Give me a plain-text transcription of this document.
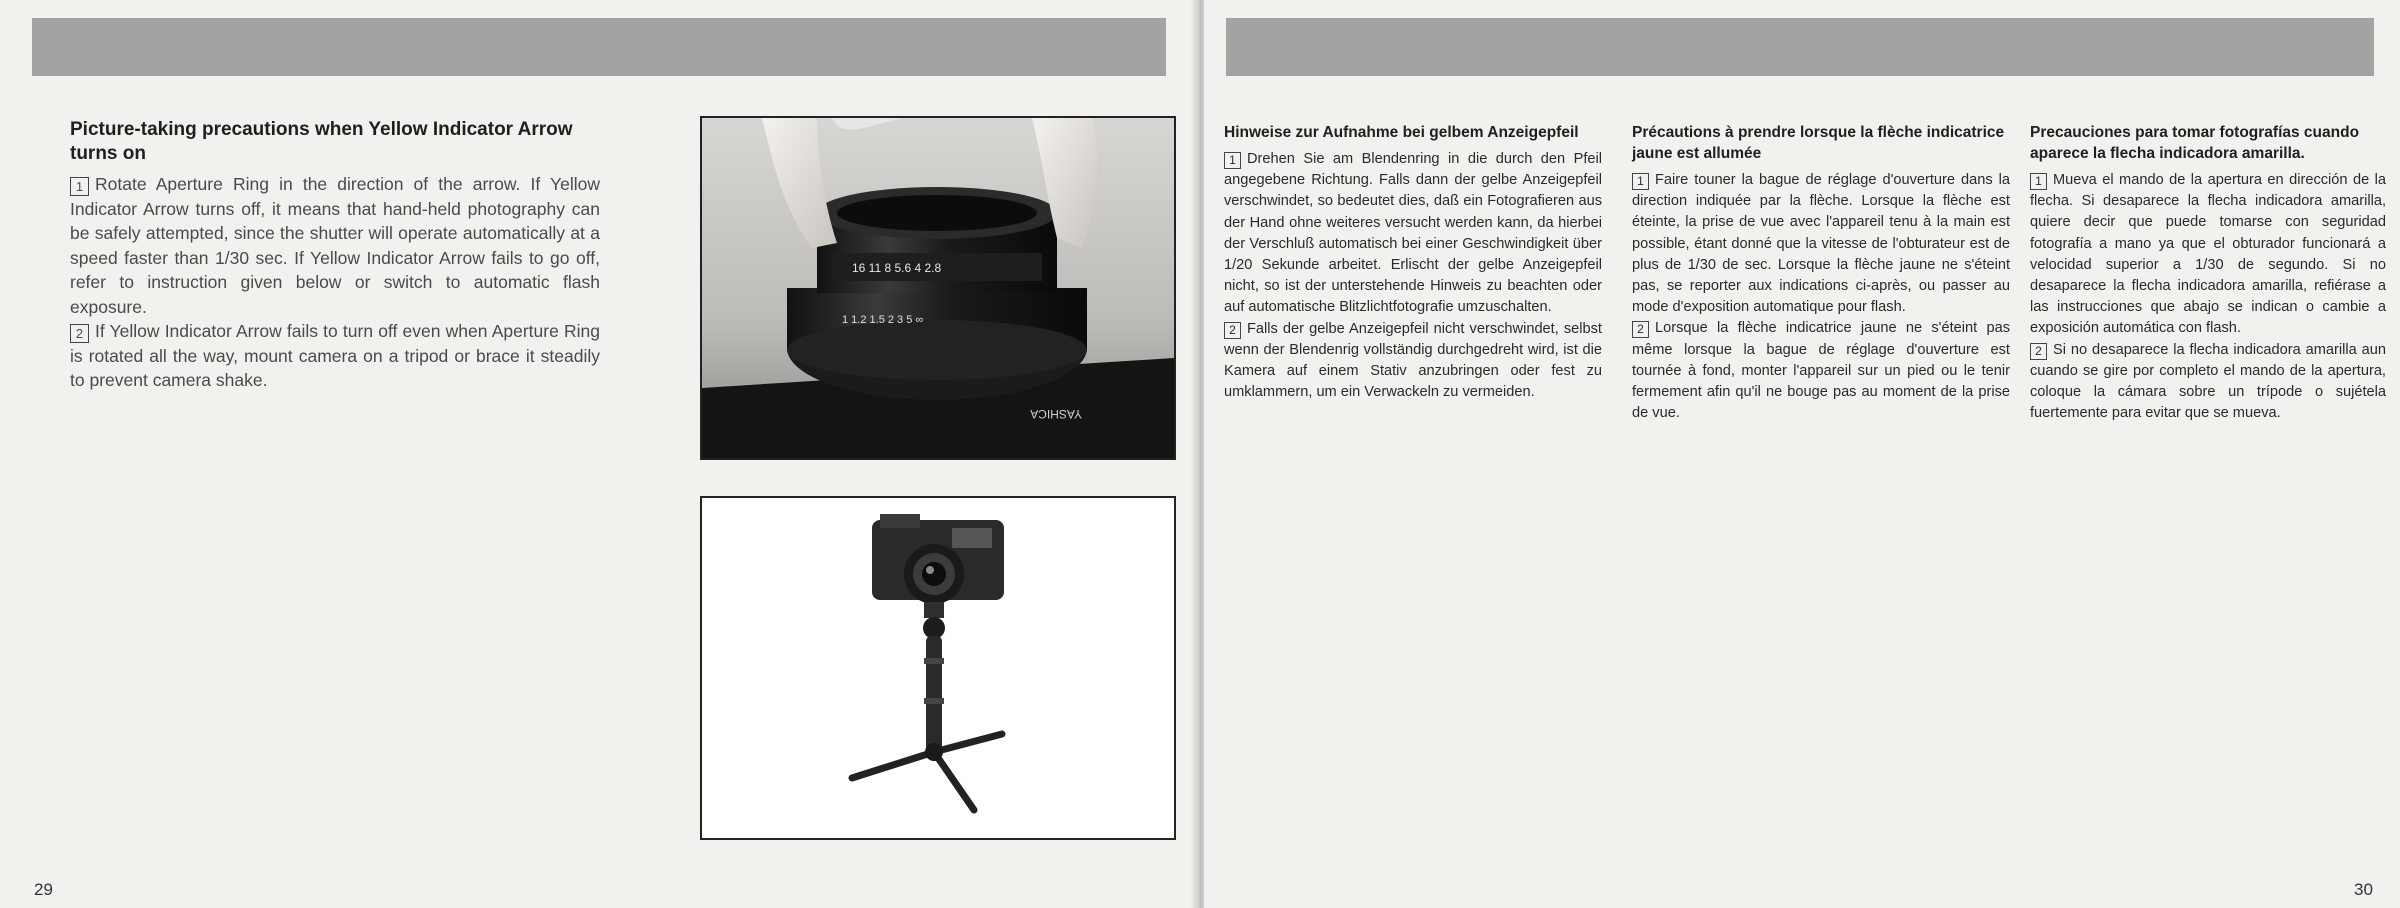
Picture-taking precautions when Yellow Indicator Arrow turns on

1 Rotate Aperture Ring in the direction of the arrow. If Yellow Indicator Arrow turns off, it means that hand-held photography can be safely attempted, since the shutter will operate automatically at a speed faster than 1/30 sec. If Yellow Indicator Arrow fails to go off, refer to instruction given below or switch to automatic flash exposure.

2 If Yellow Indicator Arrow fails to turn off even when Aperture Ring is rotated all the way, mount camera on a tripod or brace it steadily to prevent camera shake.

16 11 8 5.6 4 2.8
1 1.2 1.5 2 3 5 ∞
YASHICA
29
Hinweise zur Aufnahme bei gelbem Anzeigepfeil

1 Drehen Sie am Blendenring in die durch den Pfeil angegebene Richtung. Falls dann der gelbe Anzeigepfeil verschwindet, so bedeutet dies, daß ein Fotografieren aus der Hand ohne weiteres versucht werden kann, da hierbei der Verschluß automatisch bei einer Geschwindigkeit über 1/20 Sekunde arbeitet. Erlischt der gelbe Anzeigepfeil nicht, so ist der unterstehende Hinweis zu beachten oder auf automatische Blitzlichtfotografie umzuschalten.

2 Falls der gelbe Anzeigepfeil nicht verschwindet, selbst wenn der Blendenrig vollständig durchgedreht wird, ist die Kamera auf einem Stativ anzubringen oder fest zu umklammern, um ein Verwackeln zu vermeiden.

Précautions à prendre lorsque la flèche indicatrice jaune est allumée

1 Faire touner la bague de réglage d'ouverture dans la direction indiquée par la flèche. Lorsque la flèche est éteinte, la prise de vue avec l'appareil tenu à la main est possible, étant donné que la vitesse de l'obturateur est de plus de 1/30 de sec. Lorsque la flèche jaune ne s'éteint pas, se reporter aux indications ci-après, ou passer au mode d'exposition automatique pour flash.

2 Lorsque la flèche indicatrice jaune ne s'éteint pas même lorsque la bague de réglage d'ouverture est tournée à fond, monter l'appareil sur un pied ou le tenir fermement afin qu'il ne bouge pas au moment de la prise de vue.

Precauciones para tomar fotografías cuando aparece la flecha indicadora amarilla.

1 Mueva el mando de la apertura en dirección de la flecha. Si desaparece la flecha indicadora amarilla, quiere decir que puede tomarse con seguridad fotografía a mano ya que el obturador funcionará a velocidad superior a 1/30 de segundo. Si no desaparece la flecha indicadora amarilla, refiérase a las instrucciones que abajo se indican o cambie a exposición automática con flash.

2 Si no desaparece la flecha indicadora amarilla aun cuando se gire por completo el mando de la apertura, coloque la cámara sobre un trípode o sujétela fuertemente para evitar que se mueva.

30
